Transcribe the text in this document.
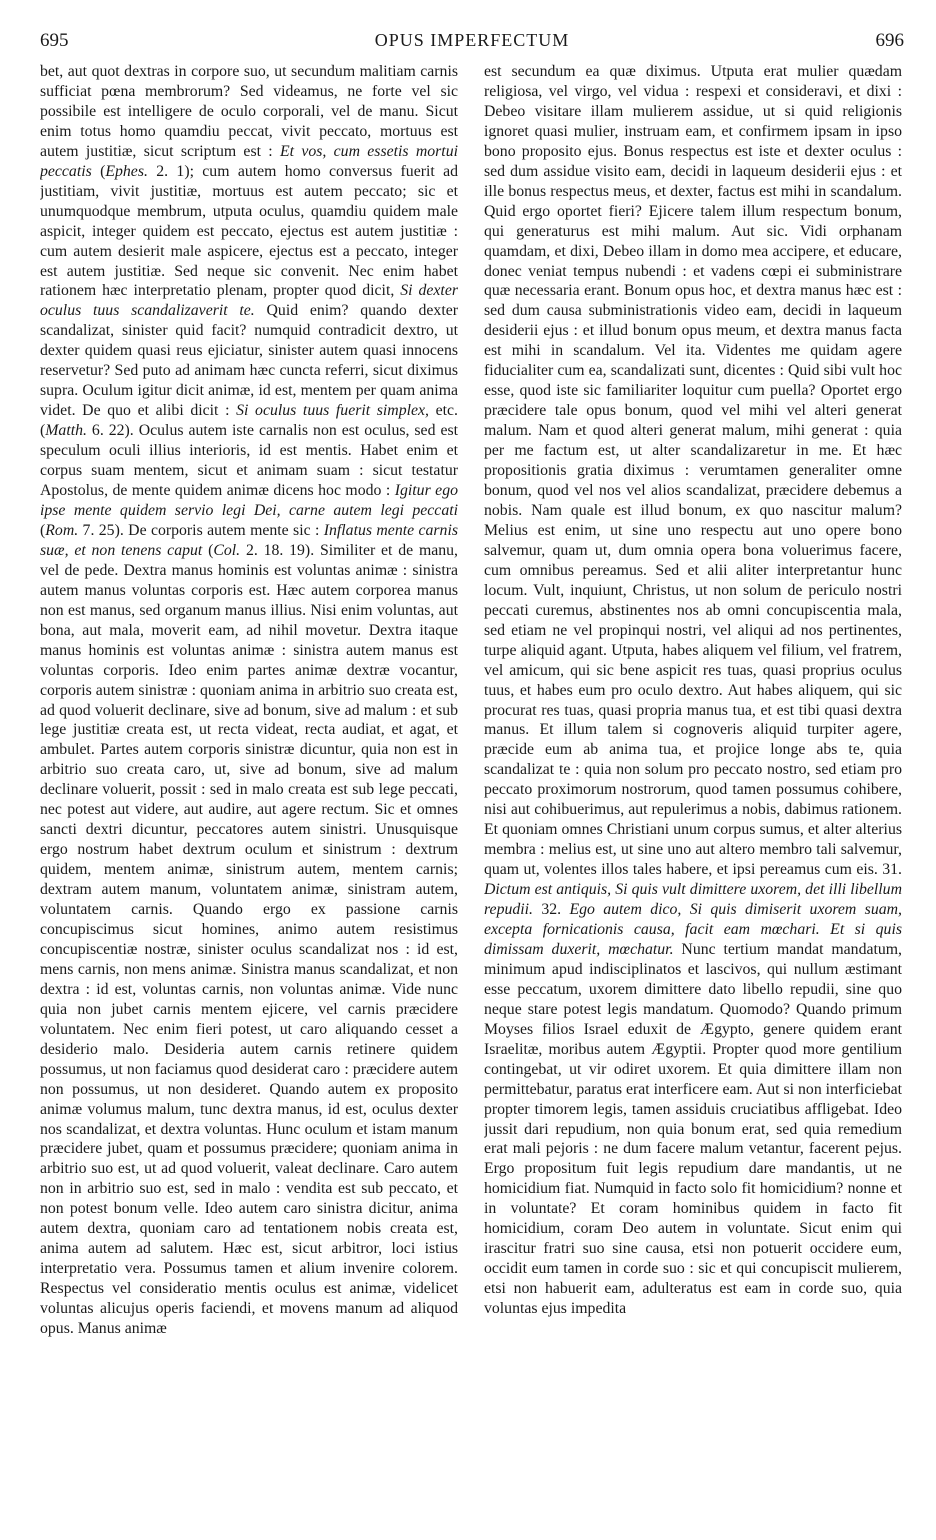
695	OPUS IMPERFECTUM	696

bet, aut quot dextras in corpore suo, ut secundum malitiam carnis sufficiat pœna membrorum? Sed videamus, ne forte vel sic possibile est intelligere de oculo corporali, vel de manu. Sicut enim totus homo quamdiu peccat, vivit peccato, mortuus est autem justitiæ, sicut scriptum est : Et vos, cum essetis mortui peccatis (Ephes. 2. 1); cum autem homo conversus fuerit ad justitiam, vivit justitiæ, mortuus est autem peccato; sic et unumquodque membrum, utputa oculus, quamdiu quidem male aspicit, integer quidem est peccato, ejectus est autem justitiæ : cum autem desierit male aspicere, ejectus est a peccato, integer est autem justitiæ. Sed neque sic convenit. Nec enim habet rationem hæc interpretatio plenam, propter quod dicit, Si dexter oculus tuus scandalizaverit te. Quid enim? quando dexter scandalizat, sinister quid facit? numquid contradicit dextro, ut dexter quidem quasi reus ejiciatur, sinister autem quasi innocens reservetur? Sed puto ad animam hæc cuncta referri, sicut diximus supra. Oculum igitur dicit animæ, id est, mentem per quam anima videt. De quo et alibi dicit : Si oculus tuus fuerit simplex, etc. (Matth. 6. 22). Oculus autem iste carnalis non est oculus, sed est speculum oculi illius interioris, id est mentis. Habet enim et corpus suam mentem, sicut et animam suam : sicut testatur Apostolus, de mente quidem animæ dicens hoc modo : Igitur ego ipse mente quidem servio legi Dei, carne autem legi peccati (Rom. 7. 25). De corporis autem mente sic : Inflatus mente carnis suæ, et non tenens caput (Col. 2. 18. 19). Similiter et de manu, vel de pede. Dextra manus hominis est voluntas animæ : sinistra autem manus voluntas corporis est. Hæc autem corporea manus non est manus, sed organum manus illius. Nisi enim voluntas, aut bona, aut mala, moverit eam, ad nihil movetur. Dextra itaque manus hominis est voluntas animæ : sinistra autem manus est voluntas corporis. Ideo enim partes animæ dextræ vocantur, corporis autem sinistræ : quoniam anima in arbitrio suo creata est, ad quod voluerit declinare, sive ad bonum, sive ad malum : et sub lege justitiæ creata est, ut recta videat, recta audiat, et agat, et ambulet. Partes autem corporis sinistræ dicuntur, quia non est in arbitrio suo creata caro, ut, sive ad bonum, sive ad malum declinare voluerit, possit : sed in malo creata est sub lege peccati, nec potest aut videre, aut audire, aut agere rectum. Sic et omnes sancti dextri dicuntur, peccatores autem sinistri. Unusquisque ergo nostrum habet dextrum oculum et sinistrum : dextrum quidem, mentem animæ, sinistrum autem, mentem carnis; dextram autem manum, voluntatem animæ, sinistram autem, voluntatem carnis. Quando ergo ex passione carnis concupiscimus sicut homines, animo autem resistimus concupiscentiæ nostræ, sinister oculus scandalizat nos : id est, mens carnis, non mens animæ. Sinistra manus scandalizat, et non dextra : id est, voluntas carnis, non voluntas animæ. Vide nunc quia non jubet carnis mentem ejicere, vel carnis præcidere voluntatem. Nec enim fieri potest, ut caro aliquando cesset a desiderio malo. Desideria autem carnis retinere quidem possumus, ut non faciamus quod desiderat caro : præcidere autem non possumus, ut non desideret. Quando autem ex proposito animæ volumus malum, tunc dextra manus, id est, oculus dexter nos scandalizat, et dextra voluntas. Hunc oculum et istam manum præcidere jubet, quam et possumus præcidere; quoniam anima in arbitrio suo est, ut ad quod voluerit, valeat declinare. Caro autem non in arbitrio suo est, sed in malo : vendita est sub peccato, et non potest bonum velle. Ideo autem caro sinistra dicitur, anima autem dextra, quoniam caro ad tentationem nobis creata est, anima autem ad salutem. Hæc est, sicut arbitror, loci istius interpretatio vera. Possumus tamen et alium invenire colorem. Respectus vel consideratio mentis oculus est animæ, videlicet voluntas alicujus operis faciendi, et movens manum ad aliquod opus. Manus animæ

est secundum ea quæ diximus. Utputa erat mulier quædam religiosa, vel virgo, vel vidua : respexi et consideravi, et dixi : Debeo visitare illam mulierem assidue, ut si quid religionis ignoret quasi mulier, instruam eam, et confirmem ipsam in ipso bono proposito ejus. Bonus respectus est iste et dexter oculus : sed dum assidue visito eam, decidi in laqueum desiderii ejus : et ille bonus respectus meus, et dexter, factus est mihi in scandalum. Quid ergo oportet fieri? Ejicere talem illum respectum bonum, qui generaturus est mihi malum. Aut sic. Vidi orphanam quamdam, et dixi, Debeo illam in domo mea accipere, et educare, donec veniat tempus nubendi : et vadens cœpi ei subministrare quæ necessaria erant. Bonum opus hoc, et dextra manus hæc est : sed dum causa subministrationis video eam, decidi in laqueum desiderii ejus : et illud bonum opus meum, et dextra manus facta est mihi in scandalum. Vel ita. Videntes me quidam agere fiducialiter cum ea, scandalizati sunt, dicentes : Quid sibi vult hoc esse, quod iste sic familiariter loquitur cum puella? Oportet ergo præcidere tale opus bonum, quod vel mihi vel alteri generat malum. Nam et quod alteri generat malum, mihi generat : quia per me factum est, ut alter scandalizaretur in me. Et hæc propositionis gratia diximus : verumtamen generaliter omne bonum, quod vel nos vel alios scandalizat, præcidere debemus a nobis. Nam quale est illud bonum, ex quo nascitur malum? Melius est enim, ut sine uno respectu aut uno opere bono salvemur, quam ut, dum omnia opera bona voluerimus facere, cum omnibus pereamus. Sed et alii aliter interpretantur hunc locum. Vult, inquiunt, Christus, ut non solum de periculo nostri peccati curemus, abstinentes nos ab omni concupiscentia mala, sed etiam ne vel propinqui nostri, vel aliqui ad nos pertinentes, turpe aliquid agant. Utputa, habes aliquem vel filium, vel fratrem, vel amicum, qui sic bene aspicit res tuas, quasi proprius oculus tuus, et habes eum pro oculo dextro. Aut habes aliquem, qui sic procurat res tuas, quasi propria manus tua, et est tibi quasi dextra manus. Et illum talem si cognoveris aliquid turpiter agere, præcide eum ab anima tua, et projice longe abs te, quia scandalizat te : quia non solum pro peccato nostro, sed etiam pro peccato proximorum nostrorum, quod tamen possumus cohibere, nisi aut cohibuerimus, aut repulerimus a nobis, dabimus rationem. Et quoniam omnes Christiani unum corpus sumus, et alter alterius membra : melius est, ut sine uno aut altero membro tali salvemur, quam ut, volentes illos tales habere, et ipsi pereamus cum eis. 31. Dictum est antiquis, Si quis vult dimittere uxorem, det illi libellum repudii. 32. Ego autem dico, Si quis dimiserit uxorem suam, excepta fornicationis causa, facit eam mœchari. Et si quis dimissam duxerit, mœchatur. Nunc tertium mandat mandatum, minimum apud indisciplinatos et lascivos, qui nullum æstimant esse peccatum, uxorem dimittere dato libello repudii, sine quo neque stare potest legis mandatum. Quomodo? Quando primum Moyses filios Israel eduxit de Ægypto, genere quidem erant Israelitæ, moribus autem Ægyptii. Propter quod more gentilium contingebat, ut vir odiret uxorem. Et quia dimittere illam non permittebatur, paratus erat interficere eam. Aut si non interficiebat propter timorem legis, tamen assiduis cruciatibus affligebat. Ideo jussit dari repudium, non quia bonum erat, sed quia remedium erat mali pejoris : ne dum facere malum vetantur, facerent pejus. Ergo propositum fuit legis repudium dare mandantis, ut ne homicidium fiat. Numquid in facto solo fit homicidium? nonne et in voluntate? Et coram hominibus quidem in facto fit homicidium, coram Deo autem in voluntate. Sicut enim qui irascitur fratri suo sine causa, etsi non potuerit occidere eum, occidit eum tamen in corde suo : sic et qui concupiscit mulierem, etsi non habuerit eam, adulteratus est eam in corde suo, quia voluntas ejus impedita
